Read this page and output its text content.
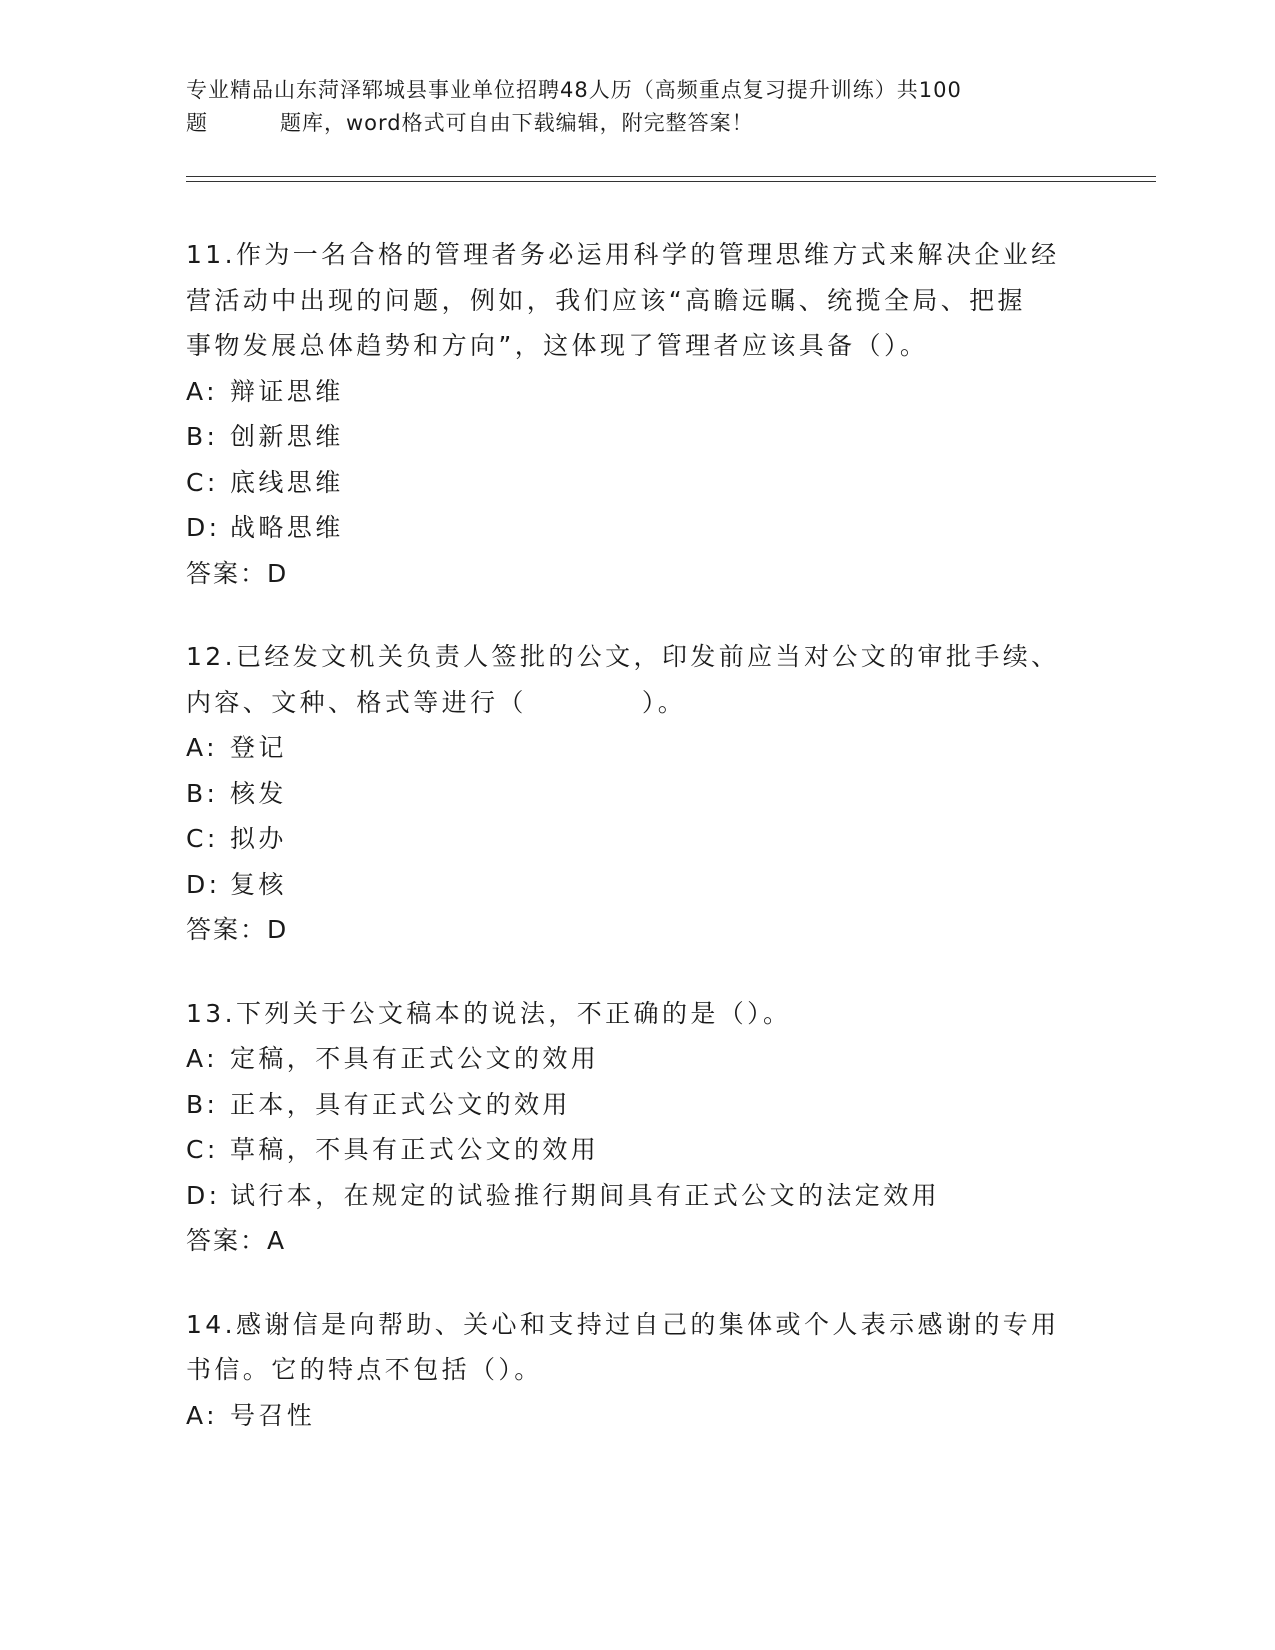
专业精品山东菏泽郓城县事业单位招聘48人历（高频重点复习提升训练）共100
题	题库，word格式可自由下载编辑，附完整答案！

11.作为一名合格的管理者务必运用科学的管理思维方式来解决企业经
营活动中出现的问题，例如，我们应该“高瞻远瞩、统揽全局、把握
事物发展总体趋势和方向”，这体现了管理者应该具备（）。

A: 辩证思维
B: 创新思维
C: 底线思维
D: 战略思维
答案：D

12.已经发文机关负责人签批的公文，印发前应当对公文的审批手续、
内容、文种、格式等进行（	）。

A: 登记
B: 核发
C: 拟办
D: 复核
答案：D

13.下列关于公文稿本的说法，不正确的是（）。

A: 定稿，不具有正式公文的效用
B: 正本，具有正式公文的效用
C: 草稿，不具有正式公文的效用
D: 试行本，在规定的试验推行期间具有正式公文的法定效用
答案：A

14.感谢信是向帮助、关心和支持过自己的集体或个人表示感谢的专用
书信。它的特点不包括（）。

A: 号召性
